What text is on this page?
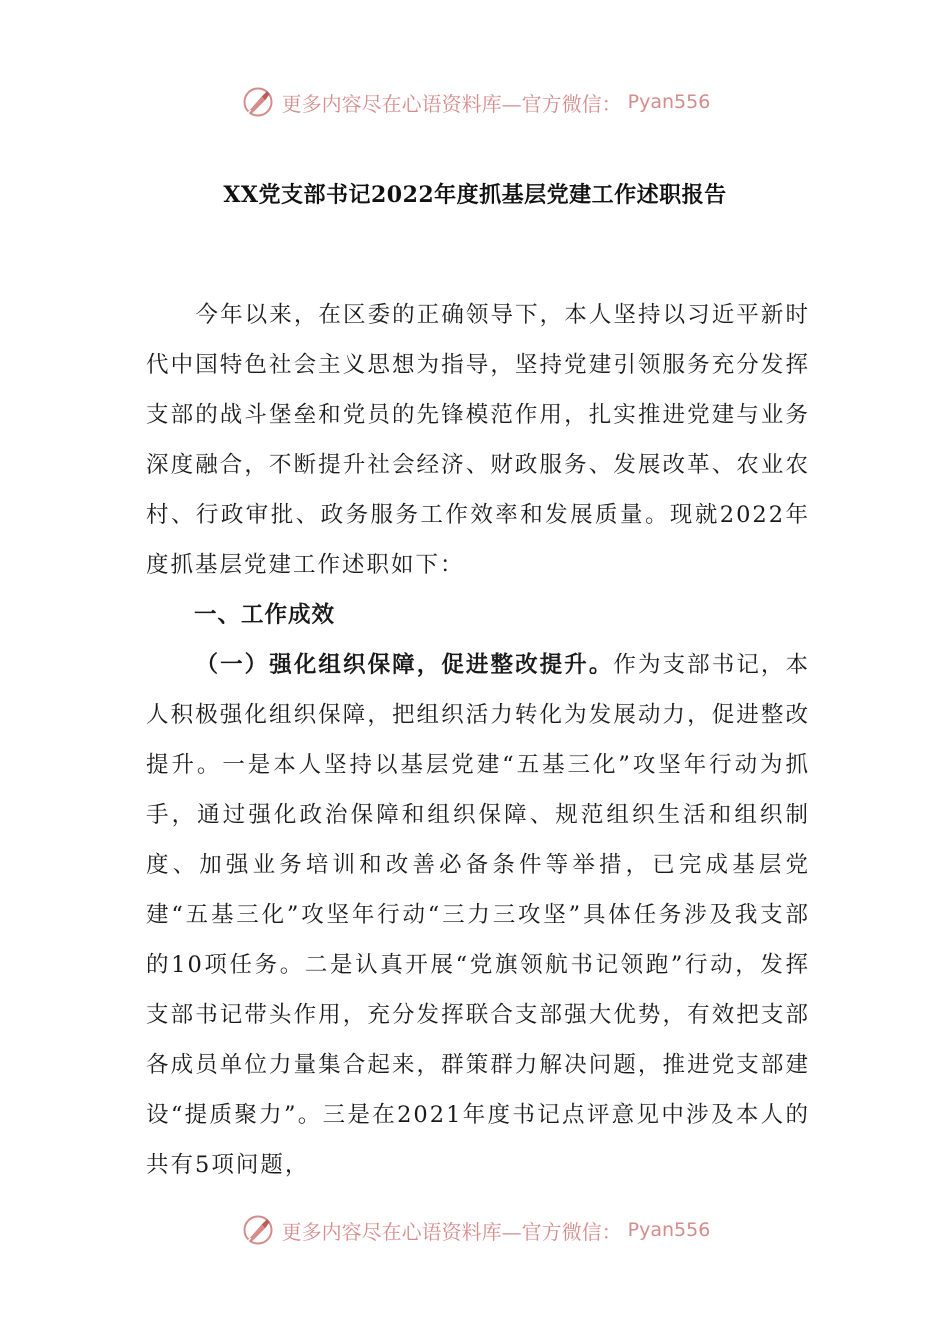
更多内容尽在心语资料库—官方微信： Pyan556
XX党支部书记2022年度抓基层党建工作述职报告

今年以来，在区委的正确领导下，本人坚持以习近平新时代中国特色社会主义思想为指导，坚持党建引领服务充分发挥支部的战斗堡垒和党员的先锋模范作用，扎实推进党建与业务深度融合，不断提升社会经济、财政服务、发展改革、农业农村、行政审批、政务服务工作效率和发展质量。现就2022年度抓基层党建工作述职如下：

一、工作成效

（一）强化组织保障，促进整改提升。作为支部书记，本人积极强化组织保障，把组织活力转化为发展动力，促进整改提升。一是本人坚持以基层党建“五基三化”攻坚年行动为抓手，通过强化政治保障和组织保障、规范组织生活和组织制度、加强业务培训和改善必备条件等举措，已完成基层党建“五基三化”攻坚年行动“三力三攻坚”具体任务涉及我支部的10项任务。二是认真开展“党旗领航书记领跑”行动，发挥支部书记带头作用，充分发挥联合支部强大优势，有效把支部各成员单位力量集合起来，群策群力解决问题，推进党支部建设“提质聚力”。三是在2021年度书记点评意见中涉及本人的共有5项问题，

更多内容尽在心语资料库—官方微信： Pyan556
